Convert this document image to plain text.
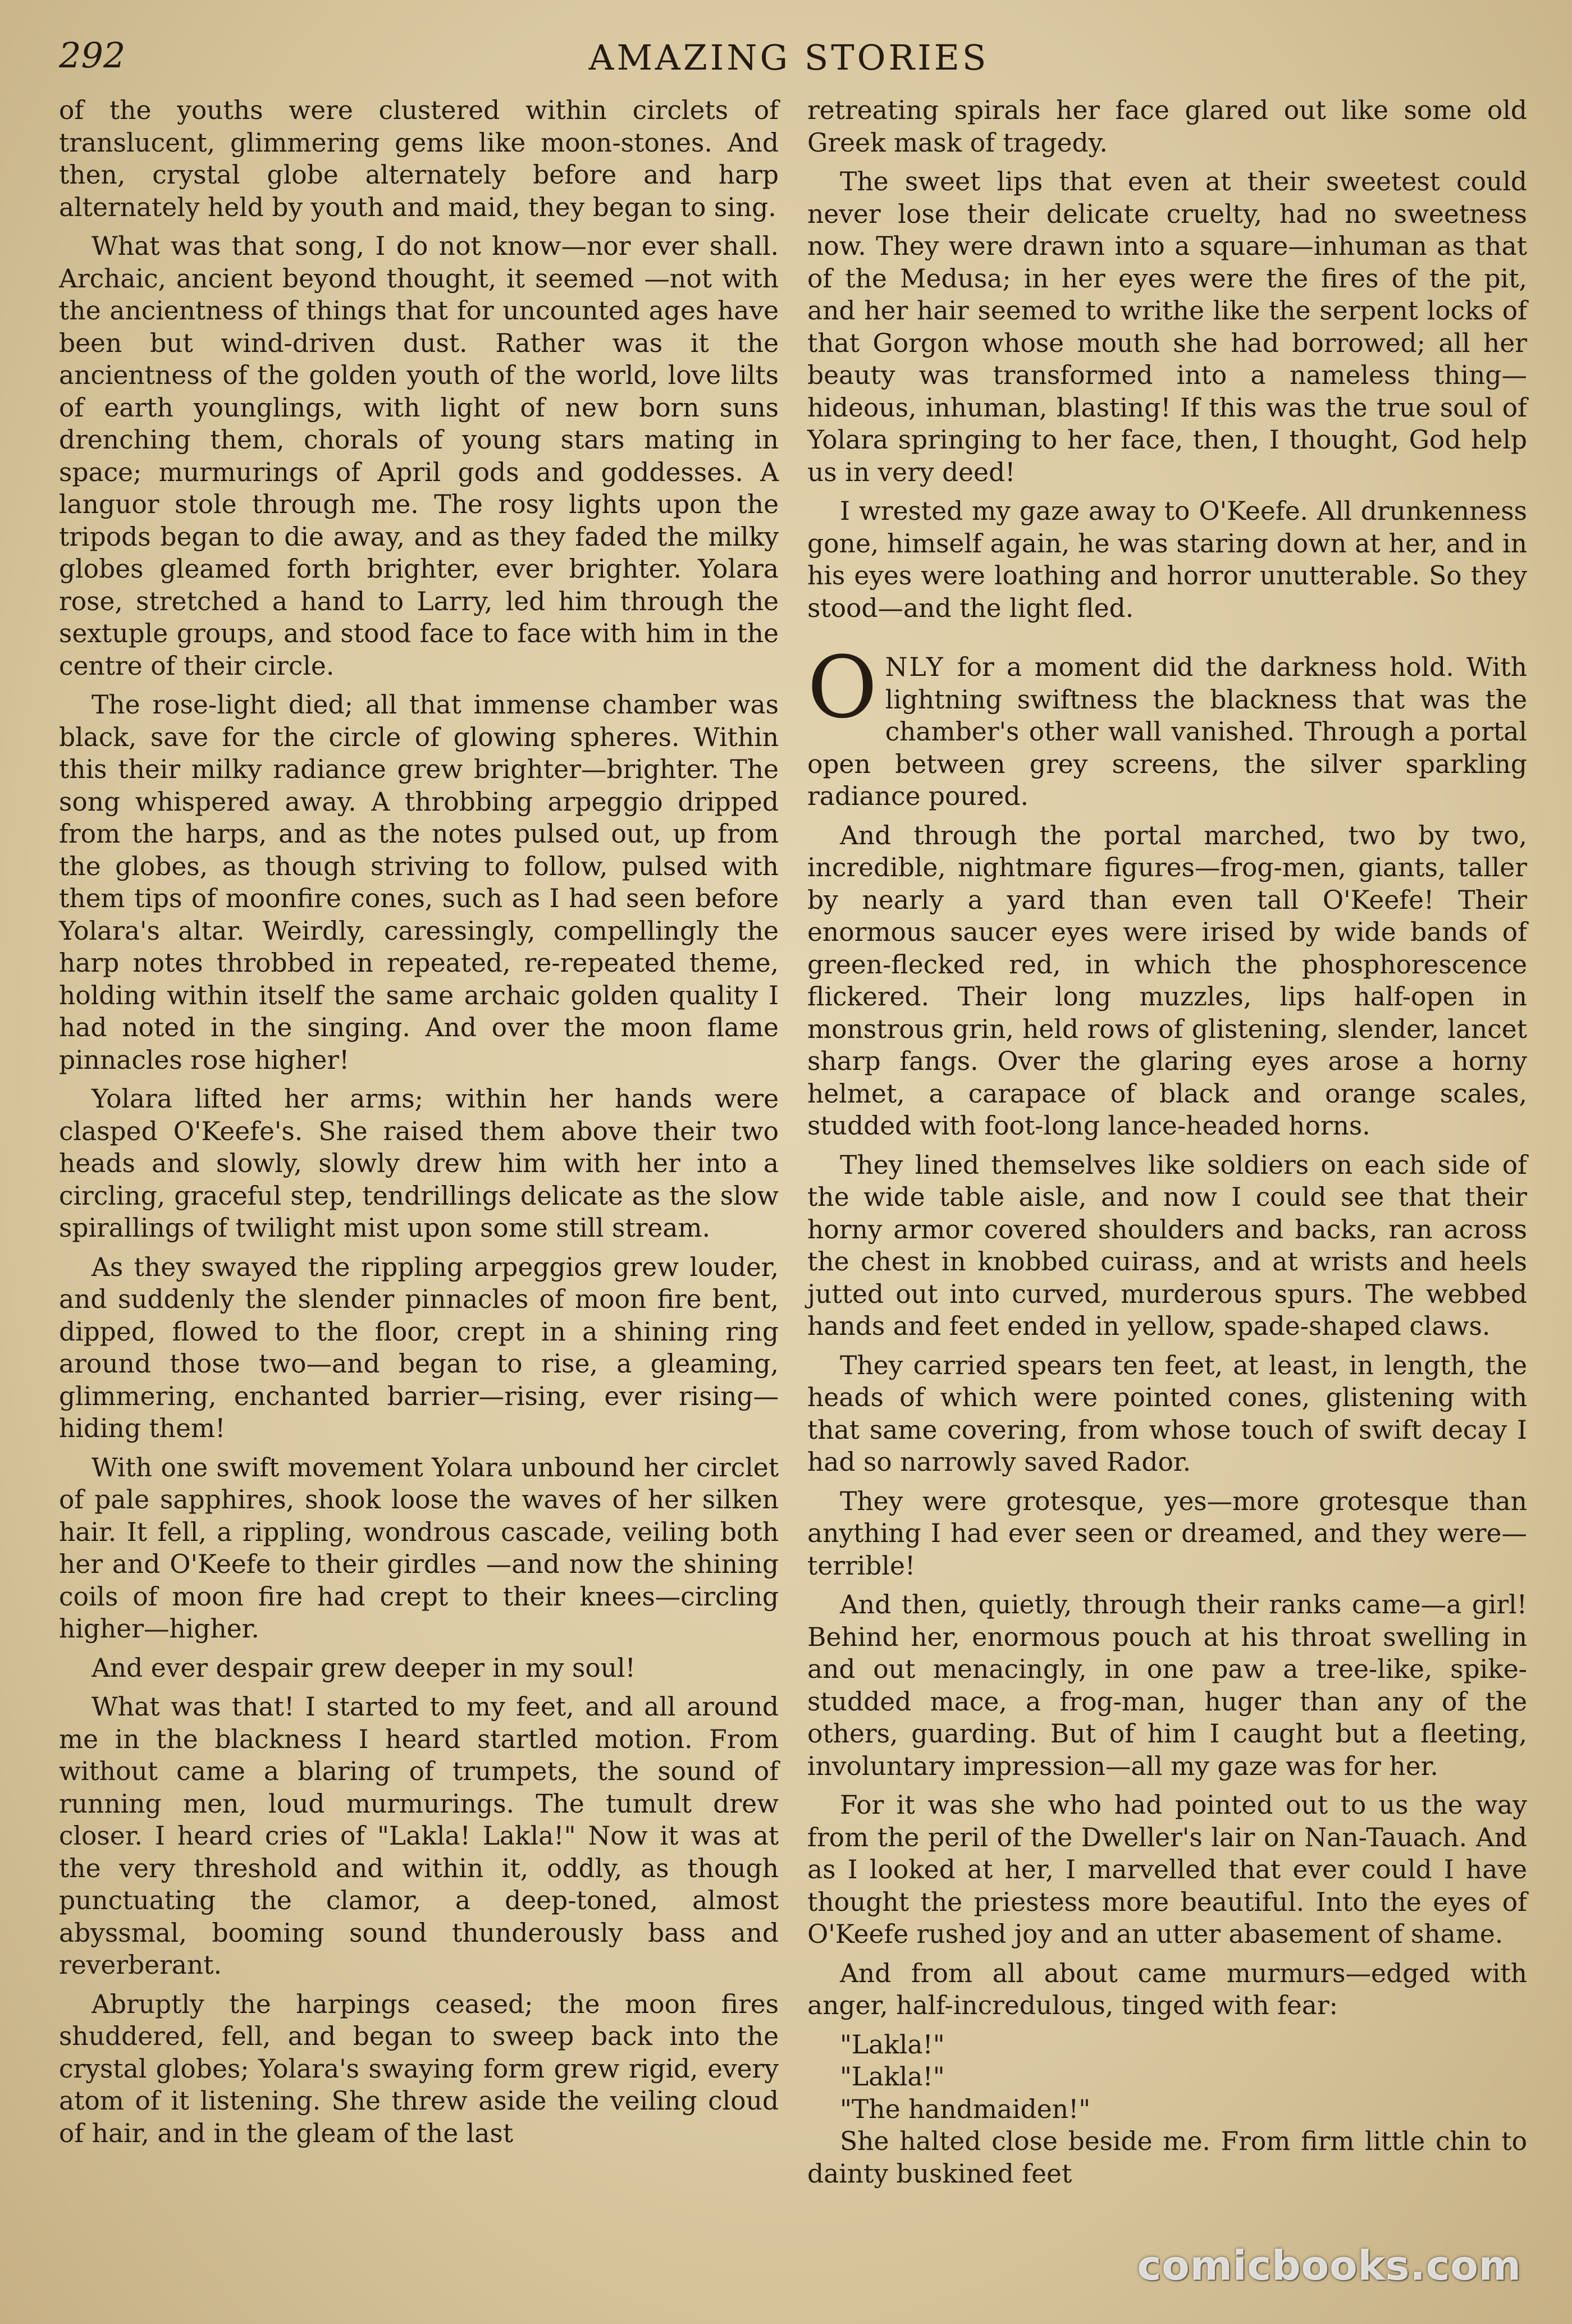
292	AMAZING STORIES

of the youths were clustered within circlets of translucent, glimmering gems like moon-stones. And then, crystal globe alternately before and harp alternately held by youth and maid, they began to sing.

What was that song, I do not know—nor ever shall. Archaic, ancient beyond thought, it seemed —not with the ancientness of things that for uncounted ages have been but wind-driven dust. Rather was it the ancientness of the golden youth of the world, love lilts of earth younglings, with light of new born suns drenching them, chorals of young stars mating in space; murmurings of April gods and goddesses. A languor stole through me. The rosy lights upon the tripods began to die away, and as they faded the milky globes gleamed forth brighter, ever brighter. Yolara rose, stretched a hand to Larry, led him through the sextuple groups, and stood face to face with him in the centre of their circle.

The rose-light died; all that immense chamber was black, save for the circle of glowing spheres. Within this their milky radiance grew brighter—brighter. The song whispered away. A throbbing arpeggio dripped from the harps, and as the notes pulsed out, up from the globes, as though striving to follow, pulsed with them tips of moonfire cones, such as I had seen before Yolara's altar. Weirdly, caressingly, compellingly the harp notes throbbed in repeated, re-repeated theme, holding within itself the same archaic golden quality I had noted in the singing. And over the moon flame pinnacles rose higher!

Yolara lifted her arms; within her hands were clasped O'Keefe's. She raised them above their two heads and slowly, slowly drew him with her into a circling, graceful step, tendrillings delicate as the slow spirallings of twilight mist upon some still stream.

As they swayed the rippling arpeggios grew louder, and suddenly the slender pinnacles of moon fire bent, dipped, flowed to the floor, crept in a shining ring around those two—and began to rise, a gleaming, glimmering, enchanted barrier—rising, ever rising—hiding them!

With one swift movement Yolara unbound her circlet of pale sapphires, shook loose the waves of her silken hair. It fell, a rippling, wondrous cascade, veiling both her and O'Keefe to their girdles —and now the shining coils of moon fire had crept to their knees—circling higher—higher.

And ever despair grew deeper in my soul!

What was that! I started to my feet, and all around me in the blackness I heard startled motion. From without came a blaring of trumpets, the sound of running men, loud murmurings. The tumult drew closer. I heard cries of "Lakla! Lakla!" Now it was at the very threshold and within it, oddly, as though punctuating the clamor, a deep-toned, almost abyssmal, booming sound thunderously bass and reverberant.

Abruptly the harpings ceased; the moon fires shuddered, fell, and began to sweep back into the crystal globes; Yolara's swaying form grew rigid, every atom of it listening. She threw aside the veiling cloud of hair, and in the gleam of the last

retreating spirals her face glared out like some old Greek mask of tragedy.

The sweet lips that even at their sweetest could never lose their delicate cruelty, had no sweetness now. They were drawn into a square—inhuman as that of the Medusa; in her eyes were the fires of the pit, and her hair seemed to writhe like the serpent locks of that Gorgon whose mouth she had borrowed; all her beauty was transformed into a nameless thing—hideous, inhuman, blasting! If this was the true soul of Yolara springing to her face, then, I thought, God help us in very deed!

I wrested my gaze away to O'Keefe. All drunkenness gone, himself again, he was staring down at her, and in his eyes were loathing and horror unutterable. So they stood—and the light fled.

ONLY for a moment did the darkness hold. With lightning swiftness the blackness that was the chamber's other wall vanished. Through a portal open between grey screens, the silver sparkling radiance poured.

And through the portal marched, two by two, incredible, nightmare figures—frog-men, giants, taller by nearly a yard than even tall O'Keefe! Their enormous saucer eyes were irised by wide bands of green-flecked red, in which the phosphorescence flickered. Their long muzzles, lips half-open in monstrous grin, held rows of glistening, slender, lancet sharp fangs. Over the glaring eyes arose a horny helmet, a carapace of black and orange scales, studded with foot-long lance-headed horns.

They lined themselves like soldiers on each side of the wide table aisle, and now I could see that their horny armor covered shoulders and backs, ran across the chest in knobbed cuirass, and at wrists and heels jutted out into curved, murderous spurs. The webbed hands and feet ended in yellow, spade-shaped claws.

They carried spears ten feet, at least, in length, the heads of which were pointed cones, glistening with that same covering, from whose touch of swift decay I had so narrowly saved Rador.

They were grotesque, yes—more grotesque than anything I had ever seen or dreamed, and they were—terrible!

And then, quietly, through their ranks came—a girl! Behind her, enormous pouch at his throat swelling in and out menacingly, in one paw a tree-like, spike-studded mace, a frog-man, huger than any of the others, guarding. But of him I caught but a fleeting, involuntary impression—all my gaze was for her.

For it was she who had pointed out to us the way from the peril of the Dweller's lair on Nan-Tauach. And as I looked at her, I marvelled that ever could I have thought the priestess more beautiful. Into the eyes of O'Keefe rushed joy and an utter abasement of shame.

And from all about came murmurs—edged with anger, half-incredulous, tinged with fear:

"Lakla!"

"Lakla!"

"The handmaiden!"

She halted close beside me. From firm little chin to dainty buskined feet

comicbooks.com
